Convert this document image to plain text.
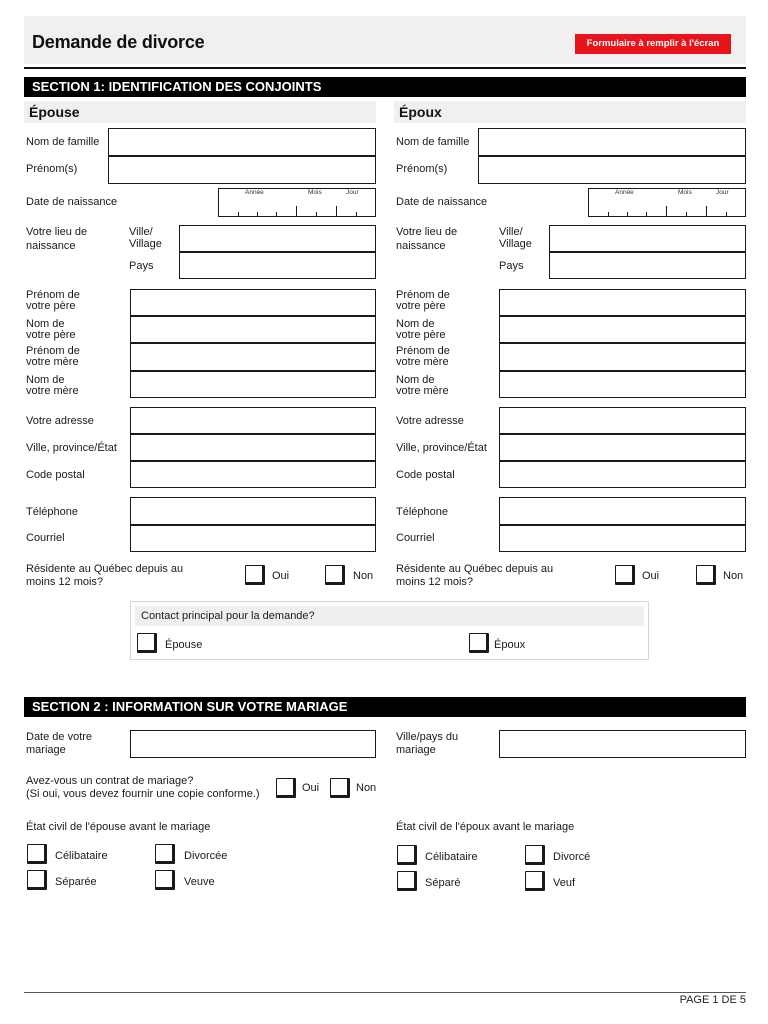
Demande de divorce	Formulaire à remplir à l'écran
SECTION 1: IDENTIFICATION DES CONJOINTS
Épouse	Époux
Nom de famille
Prénom(s)
Date de naissance
Année	Mois	Jour
Votre lieu de
naissance
Ville/
Village
Pays
Prénom de
votre père
Nom de
votre père
Prénom de
votre mère
Nom de
votre mère
Votre adresse
Ville, province/État
Code postal
Téléphone
Courriel
Résidente au Québec depuis au
moins 12 mois?	Oui	Non
Nom de famille
Prénom(s)
Date de naissance
Année	Mois	Jour
Votre lieu de
naissance
Ville/
Village
Pays
Prénom de
votre père
Nom de
votre père
Prénom de
votre mère
Nom de
votre mère
Votre adresse
Ville, province/État
Code postal
Téléphone
Courriel
Résidente au Québec depuis au
moins 12 mois?	Oui	Non
Contact principal pour la demande?
Épouse	Époux
SECTION 2 : INFORMATION SUR VOTRE MARIAGE
Date de votre
mariage
Ville/pays du
mariage
Avez-vous un contrat de mariage?
(Si oui, vous devez fournir une copie conforme.)	Oui	Non
État civil de l'épouse avant le mariage
Célibataire	Divorcée
Séparée	Veuve
État civil de l'époux avant le mariage
Célibataire	Divorcé
Séparé	Veuf
PAGE 1 DE 5
